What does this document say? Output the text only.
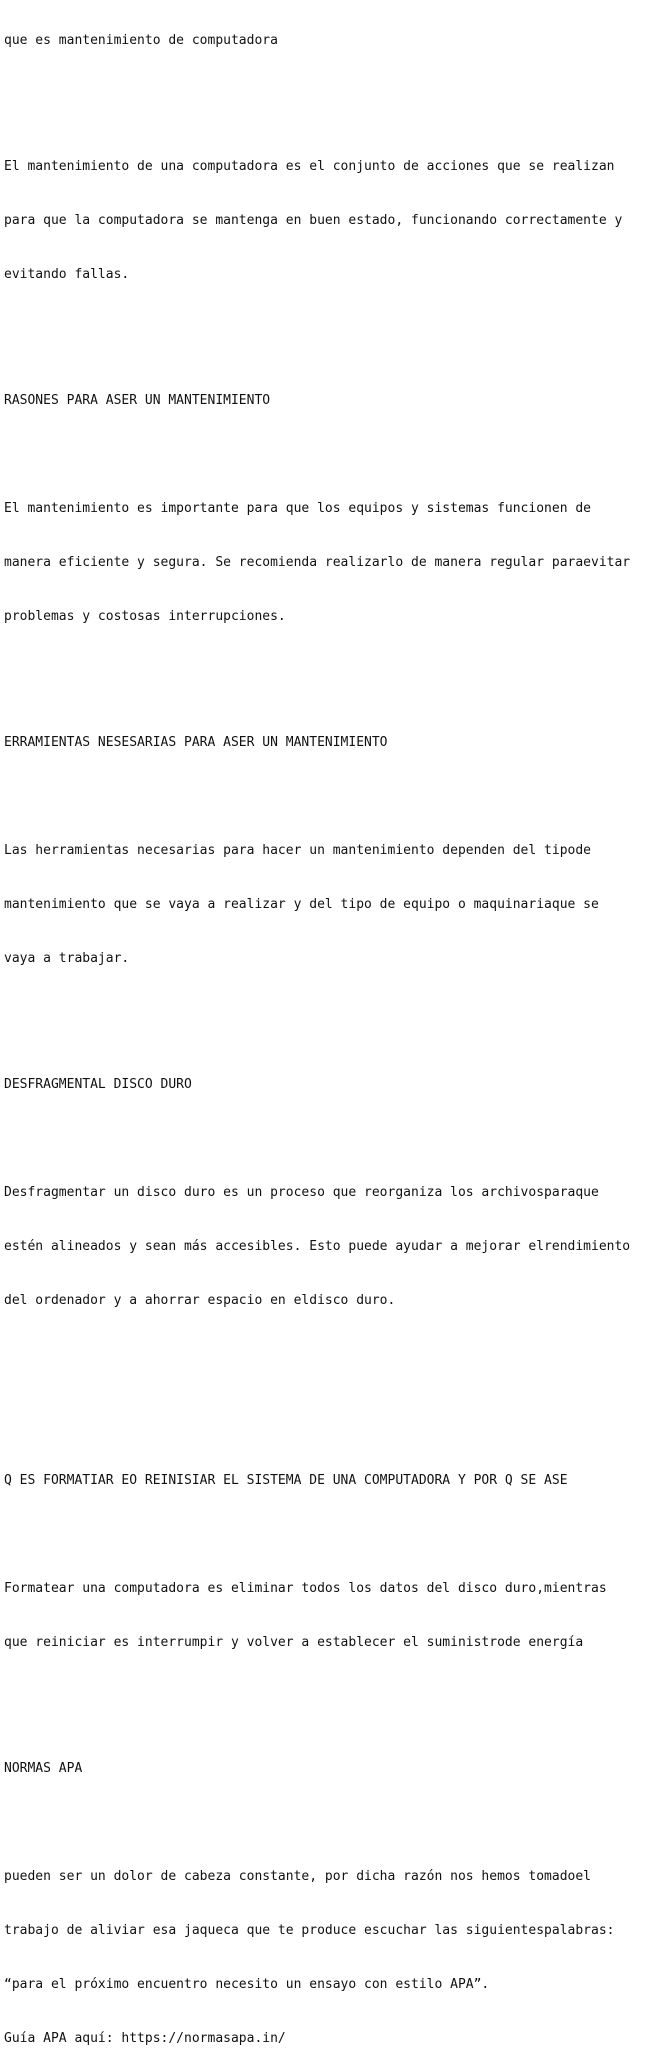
que es mantenimiento de computadora

El mantenimiento de una computadora es el conjunto de acciones que se realizan

para que la computadora se mantenga en buen estado, funcionando correctamente y

evitando fallas.

RASONES PARA ASER UN MANTENIMIENTO

El mantenimiento es importante para que los equipos y sistemas funcionen de

manera eficiente y segura. Se recomienda realizarlo de manera regular paraevitar

problemas y costosas interrupciones.

ERRAMIENTAS NESESARIAS PARA ASER UN MANTENIMIENTO

Las herramientas necesarias para hacer un mantenimiento dependen del tipode

mantenimiento que se vaya a realizar y del tipo de equipo o maquinariaque se

vaya a trabajar.

DESFRAGMENTAL DISCO DURO

Desfragmentar un disco duro es un proceso que reorganiza los archivosparaque

estén alineados y sean más accesibles. Esto puede ayudar a mejorar elrendimiento

del ordenador y a ahorrar espacio en eldisco duro.

Q ES FORMATIAR EO REINISIAR EL SISTEMA DE UNA COMPUTADORA Y POR Q SE ASE

Formatear una computadora es eliminar todos los datos del disco duro,mientras

que reiniciar es interrumpir y volver a establecer el suministrode energía

NORMAS APA

pueden ser un dolor de cabeza constante, por dicha razón nos hemos tomadoel

trabajo de aliviar esa jaqueca que te produce escuchar las siguientespalabras:

“para el próximo encuentro necesito un ensayo con estilo APA”.

Guía APA aquí: https://normasapa.in/
